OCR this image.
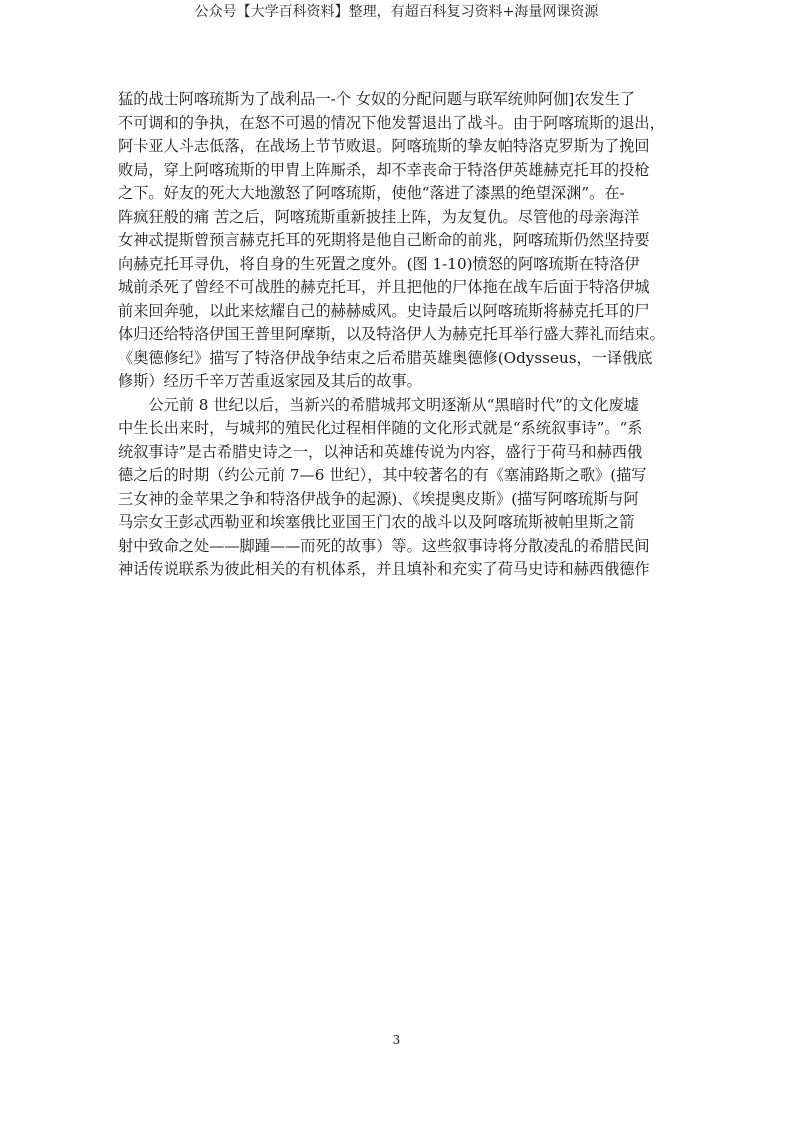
公众号【大学百科资料】整理，有超百科复习资料+海量网课资源
猛的战士阿喀琉斯为了战利品一-个 女奴的分配问题与联军统帅阿伽]农发生了
不可调和的争执，在怒不可遏的情况下他发誓退出了战斗。由于阿喀琉斯的退出，
阿卡亚人斗志低落，在战场上节节败退。阿喀琉斯的挚友帕特洛克罗斯为了挽回
败局，穿上阿喀琉斯的甲胄上阵厮杀，却不幸丧命于特洛伊英雄赫克托耳的投枪
之下。好友的死大大地激怒了阿喀琉斯，使他“落进了漆黑的绝望深渊”。在-
阵疯狂般的痛 苦之后，阿喀琉斯重新披挂上阵，为友复仇。尽管他的母亲海洋
女神忒提斯曾预言赫克托耳的死期将是他自己断命的前兆，阿喀琉斯仍然坚持要
向赫克托耳寻仇，将自身的生死置之度外。(图 1-10)愤怒的阿喀琉斯在特洛伊
城前杀死了曾经不可战胜的赫克托耳，并且把他的尸体拖在战车后面于特洛伊城
前来回奔驰，以此来炫耀自己的赫赫威风。史诗最后以阿喀琉斯将赫克托耳的尸
体归还给特洛伊国王普里阿摩斯，以及特洛伊人为赫克托耳举行盛大葬礼而结束。
《奥德修纪》描写了特洛伊战争结束之后希腊英雄奥德修(Odysseus，一译俄底
修斯）经历千辛万苦重返家园及其后的故事。
　　公元前 8 世纪以后，当新兴的希腊城邦文明逐渐从“黑暗时代”的文化废墟
中生长出来时，与城邦的殖民化过程相伴随的文化形式就是“系统叙事诗”。“系
统叙事诗”是古希腊史诗之一，以神话和英雄传说为内容，盛行于荷马和赫西俄
德之后的时期（约公元前 7—6 世纪），其中较著名的有《塞浦路斯之歌》(描写
三女神的金苹果之争和特洛伊战争的起源)、《埃提奥皮斯》(描写阿喀琉斯与阿
马宗女王彭忒西勒亚和埃塞俄比亚国王门农的战斗以及阿喀琉斯被帕里斯之箭
射中致命之处——脚踵——而死的故事）等。这些叙事诗将分散凌乱的希腊民间
神话传说联系为彼此相关的有机体系，并且填补和充实了荷马史诗和赫西俄德作
3
